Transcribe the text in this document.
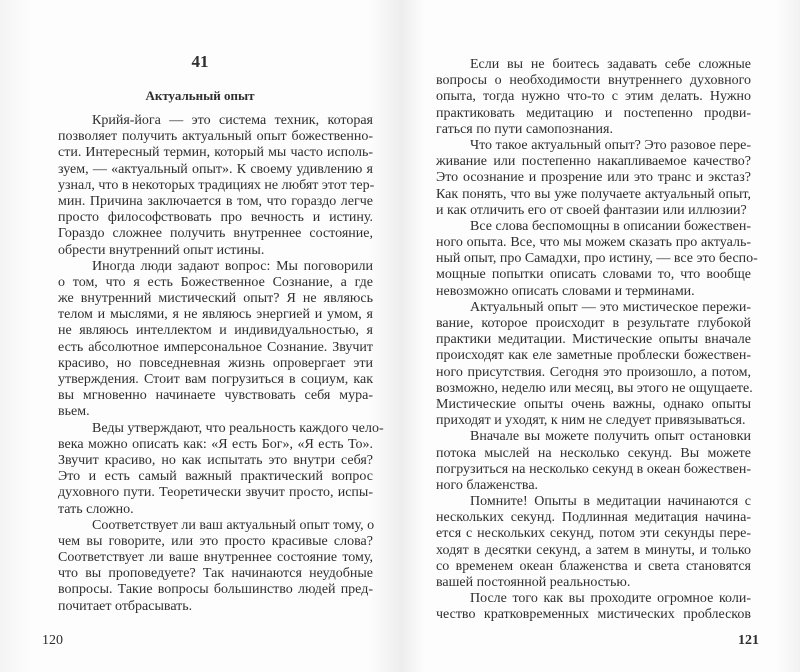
41
Актуальный опыт
Крийя-йога — это система техник, которая
позволяет получить актуальный опыт божественно-
сти. Интересный термин, который мы часто исполь-
зуем, — «актуальный опыт». К своему удивлению я
узнал, что в некоторых традициях не любят этот тер-
мин. Причина заключается в том, что гораздо легче
просто философствовать про вечность и истину.
Гораздо сложнее получить внутреннее состояние,
обрести внутренний опыт истины.
Иногда люди задают вопрос: Мы поговорили
о том, что я есть Божественное Сознание, а где
же внутренний мистический опыт? Я не являюсь
телом и мыслями, я не являюсь энергией и умом, я
не являюсь интеллектом и индивидуальностью, я
есть абсолютное имперсональное Сознание. Звучит
красиво, но повседневная жизнь опровергает эти
утверждения. Стоит вам погрузиться в социум, как
вы мгновенно начинаете чувствовать себя мура-
вьем.
Веды утверждают, что реальность каждого чело-
века можно описать как: «Я есть Бог», «Я есть То».
Звучит красиво, но как испытать это внутри себя?
Это и есть самый важный практический вопрос
духовного пути. Теоретически звучит просто, испы-
тать сложно.
Соответствует ли ваш актуальный опыт тому, о
чем вы говорите, или это просто красивые слова?
Соответствует ли ваше внутреннее состояние тому,
что вы проповедуете? Так начинаются неудобные
вопросы. Такие вопросы большинство людей пред-
почитает отбрасывать.
120
Если вы не боитесь задавать себе сложные
вопросы о необходимости внутреннего духовного
опыта, тогда нужно что-то с этим делать. Нужно
практиковать медитацию и постепенно продви-
гаться по пути самопознания.
Что такое актуальный опыт? Это разовое пере-
живание или постепенно накапливаемое качество?
Это осознание и прозрение или это транс и экстаз?
Как понять, что вы уже получаете актуальный опыт,
и как отличить его от своей фантазии или иллюзии?
Все слова беспомощны в описании божествен-
ного опыта. Все, что мы можем сказать про актуаль-
ный опыт, про Самадхи, про истину, — все это беспо-
мощные попытки описать словами то, что вообще
невозможно описать словами и терминами.
Актуальный опыт — это мистическое пережи-
вание, которое происходит в результате глубокой
практики медитации. Мистические опыты вначале
происходят как еле заметные проблески божествен-
ного присутствия. Сегодня это произошло, а потом,
возможно, неделю или месяц, вы этого не ощущаете.
Мистические опыты очень важны, однако опыты
приходят и уходят, к ним не следует привязываться.
Вначале вы можете получить опыт остановки
потока мыслей на несколько секунд. Вы можете
погрузиться на несколько секунд в океан божествен-
ного блаженства.
Помните! Опыты в медитации начинаются с
нескольких секунд. Подлинная медитация начина-
ется с нескольких секунд, потом эти секунды пере-
ходят в десятки секунд, а затем в минуты, и только
со временем океан блаженства и света становятся
вашей постоянной реальностью.
После того как вы проходите огромное коли-
чество кратковременных мистических проблесков
121
